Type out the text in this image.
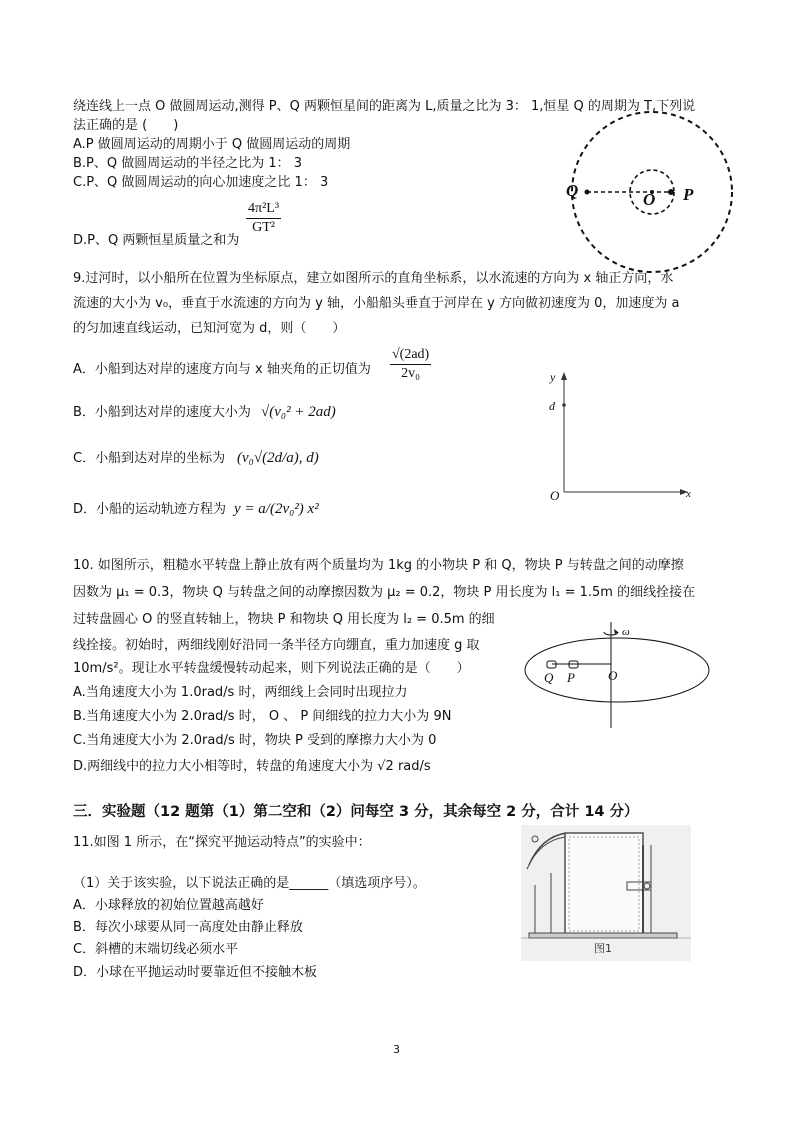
绕连线上一点 O 做圆周运动,测得 P、Q 两颗恒星间的距离为 L,质量之比为 3： 1,恒星 Q 的周期为 T,下列说
法正确的是 (　　)
A.P 做圆周运动的周期小于 Q 做圆周运动的周期
B.P、Q 做圆周运动的半径之比为 1： 3
C.P、Q 做圆周运动的向心加速度之比 1： 3
D.P、Q 两颗恒星质量之和为
$\frac{\text{4π²L³}}{\text{GT²}}$
Q	O P
9.过河时，以小船所在位置为坐标原点，建立如图所示的直角坐标系，以水流速的方向为 x 轴正方向，水
流速的大小为 v₀，垂直于水流速的方向为 y 轴，小船船头垂直于河岸在 y 方向做初速度为 0，加速度为 a
的匀加速直线运动，已知河宽为 d，则（　　）
A．小船到达对岸的速度方向与 x 轴夹角的正切值为 $\frac{√(2ad)}{\text{2v₀}}$
B．小船到达对岸的速度大小为 √(v₀² + 2ad)
C．小船到达对岸的坐标为 (v₀√(2d/a), d)
D．小船的运动轨迹方程为 y = a/(2v₀²) x²
y
d
O	x
10. 如图所示，粗糙水平转盘上静止放有两个质量均为 1kg 的小物块 P 和 Q，物块 P 与转盘之间的动摩擦
因数为 μ₁ = 0.3，物块 Q 与转盘之间的动摩擦因数为 μ₂ = 0.2，物块 P 用长度为 l₁ = 1.5m 的细线拴接在
过转盘圆心 O 的竖直转轴上，物块 P 和物块 Q 用长度为 l₂ = 0.5m 的细
线拴接。初始时，两细线刚好沿同一条半径方向绷直，重力加速度 g 取
10m/s²。现让水平转盘缓慢转动起来，则下列说法正确的是（　　）
A.当角速度大小为 1.0rad/s 时，两细线上会同时出现拉力
B.当角速度大小为 2.0rad/s 时， O 、 P 间细线的拉力大小为 9N
C.当角速度大小为 2.0rad/s 时，物块 P 受到的摩擦力大小为 0
D.两细线中的拉力大小相等时，转盘的角速度大小为 √2 rad/s
ω
Q P	O
三．实验题（12 题第（1）第二空和（2）问每空 3 分，其余每空 2 分，合计 14 分）
11.如图 1 所示，在“探究平抛运动特点”的实验中：
（1）关于该实验，以下说法正确的是______（填选项序号）。
A．小球释放的初始位置越高越好
B．每次小球要从同一高度处由静止释放
C．斜槽的末端切线必须水平
D．小球在平抛运动时要靠近但不接触木板
图1
3
